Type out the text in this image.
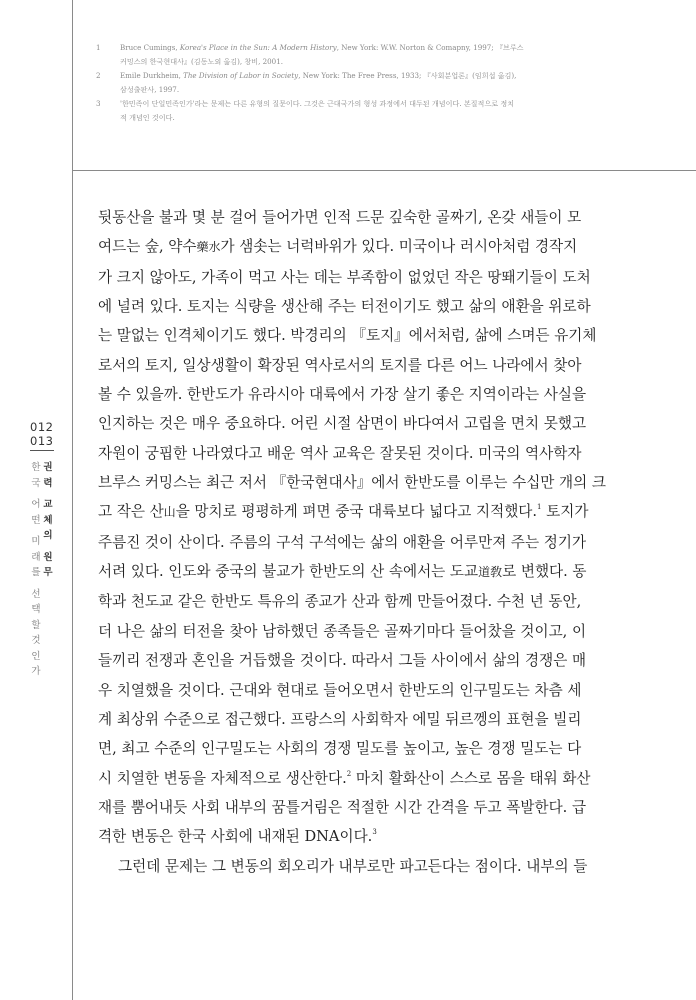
1	Bruce Cumings, Korea's Place in the Sun: A Modern History, New York: W.W. Norton & Comapny, 1997; 『브루스
커밍스의 한국현대사』(김동노외 옮김), 창비, 2001.
2	Emile Durkheim, The Division of Labor in Society, New York: The Free Press, 1933; 『사회분업론』(임희섭 옮김),
삼성출판사, 1997.
3	'한민족이 단일민족인가'라는 문제는 다른 유형의 질문이다. 그것은 근대국가의 형성 과정에서 대두된 개념이다. 본질적으로 정치
적 개념인 것이다.
뒷동산을 불과 몇 분 걸어 들어가면 인적 드문 깊숙한 골짜기, 온갖 새들이 모
여드는 숲, 약수藥水가 샘솟는 너럭바위가 있다. 미국이나 러시아처럼 경작지
가 크지 않아도, 가족이 먹고 사는 데는 부족함이 없었던 작은 땅뙈기들이 도처
에 널려 있다. 토지는 식량을 생산해 주는 터전이기도 했고 삶의 애환을 위로하
는 말없는 인격체이기도 했다. 박경리의 『토지』에서처럼, 삶에 스며든 유기체
로서의 토지, 일상생활이 확장된 역사로서의 토지를 다른 어느 나라에서 찾아
볼 수 있을까. 한반도가 유라시아 대륙에서 가장 살기 좋은 지역이라는 사실을
인지하는 것은 매우 중요하다. 어린 시절 삼면이 바다여서 고립을 면치 못했고
자원이 궁핍한 나라였다고 배운 역사 교육은 잘못된 것이다. 미국의 역사학자
브루스 커밍스는 최근 저서 『한국현대사』에서 한반도를 이루는 수십만 개의 크
고 작은 산山을 망치로 평평하게 펴면 중국 대륙보다 넓다고 지적했다.$^1$ 토지가
주름진 것이 산이다. 주름의 구석 구석에는 삶의 애환을 어루만져 주는 정기가
서려 있다. 인도와 중국의 불교가 한반도의 산 속에서는 도교道敎로 변했다. 동
학과 천도교 같은 한반도 특유의 종교가 산과 함께 만들어졌다. 수천 년 동안,
더 나은 삶의 터전을 찾아 남하했던 종족들은 골짜기마다 들어찼을 것이고, 이
들끼리 전쟁과 혼인을 거듭했을 것이다. 따라서 그들 사이에서 삶의 경쟁은 매
우 치열했을 것이다. 근대와 현대로 들어오면서 한반도의 인구밀도는 차츰 세
계 최상위 수준으로 접근했다. 프랑스의 사회학자 에밀 뒤르껭의 표현을 빌리
면, 최고 수준의 인구밀도는 사회의 경쟁 밀도를 높이고, 높은 경쟁 밀도는 다
시 치열한 변동을 자체적으로 생산한다.$^2$ 마치 활화산이 스스로 몸을 태워 화산
재를 뿜어내듯 사회 내부의 꿈틀거림은 적절한 시간 간격을 두고 폭발한다. 급
격한 변동은 한국 사회에 내재된 DNA이다.$^3$
그런데 문제는 그 변동의 회오리가 내부로만 파고든다는 점이다. 내부의 들
012
013
권
력
교
체
의
원
무
한
국
어
떤
미
래
를
선
택
할
것
인
가
